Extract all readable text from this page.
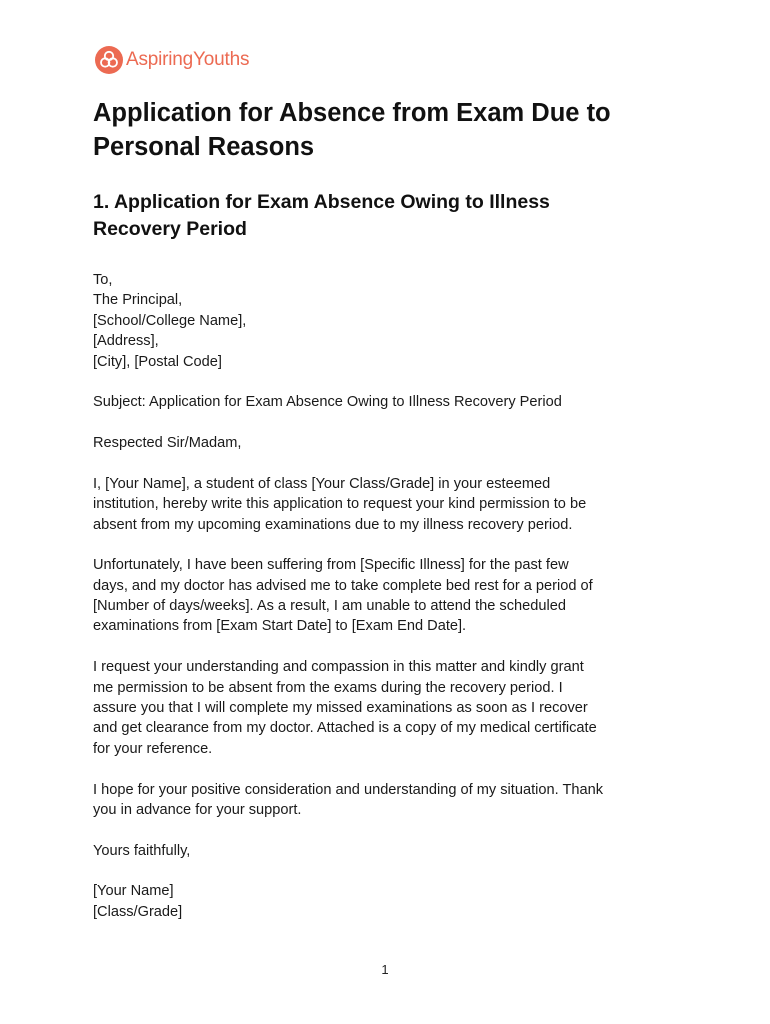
AspiringYouths
Application for Absence from Exam Due to
Personal Reasons
1. Application for Exam Absence Owing to Illness
Recovery Period
To,
The Principal,
[School/College Name],
[Address],
[City], [Postal Code]
Subject: Application for Exam Absence Owing to Illness Recovery Period
Respected Sir/Madam,
I, [Your Name], a student of class [Your Class/Grade] in your esteemed
institution, hereby write this application to request your kind permission to be
absent from my upcoming examinations due to my illness recovery period.
Unfortunately, I have been suffering from [Specific Illness] for the past few
days, and my doctor has advised me to take complete bed rest for a period of
[Number of days/weeks]. As a result, I am unable to attend the scheduled
examinations from [Exam Start Date] to [Exam End Date].
I request your understanding and compassion in this matter and kindly grant
me permission to be absent from the exams during the recovery period. I
assure you that I will complete my missed examinations as soon as I recover
and get clearance from my doctor. Attached is a copy of my medical certificate
for your reference.
I hope for your positive consideration and understanding of my situation. Thank
you in advance for your support.
Yours faithfully,
[Your Name]
[Class/Grade]
1
